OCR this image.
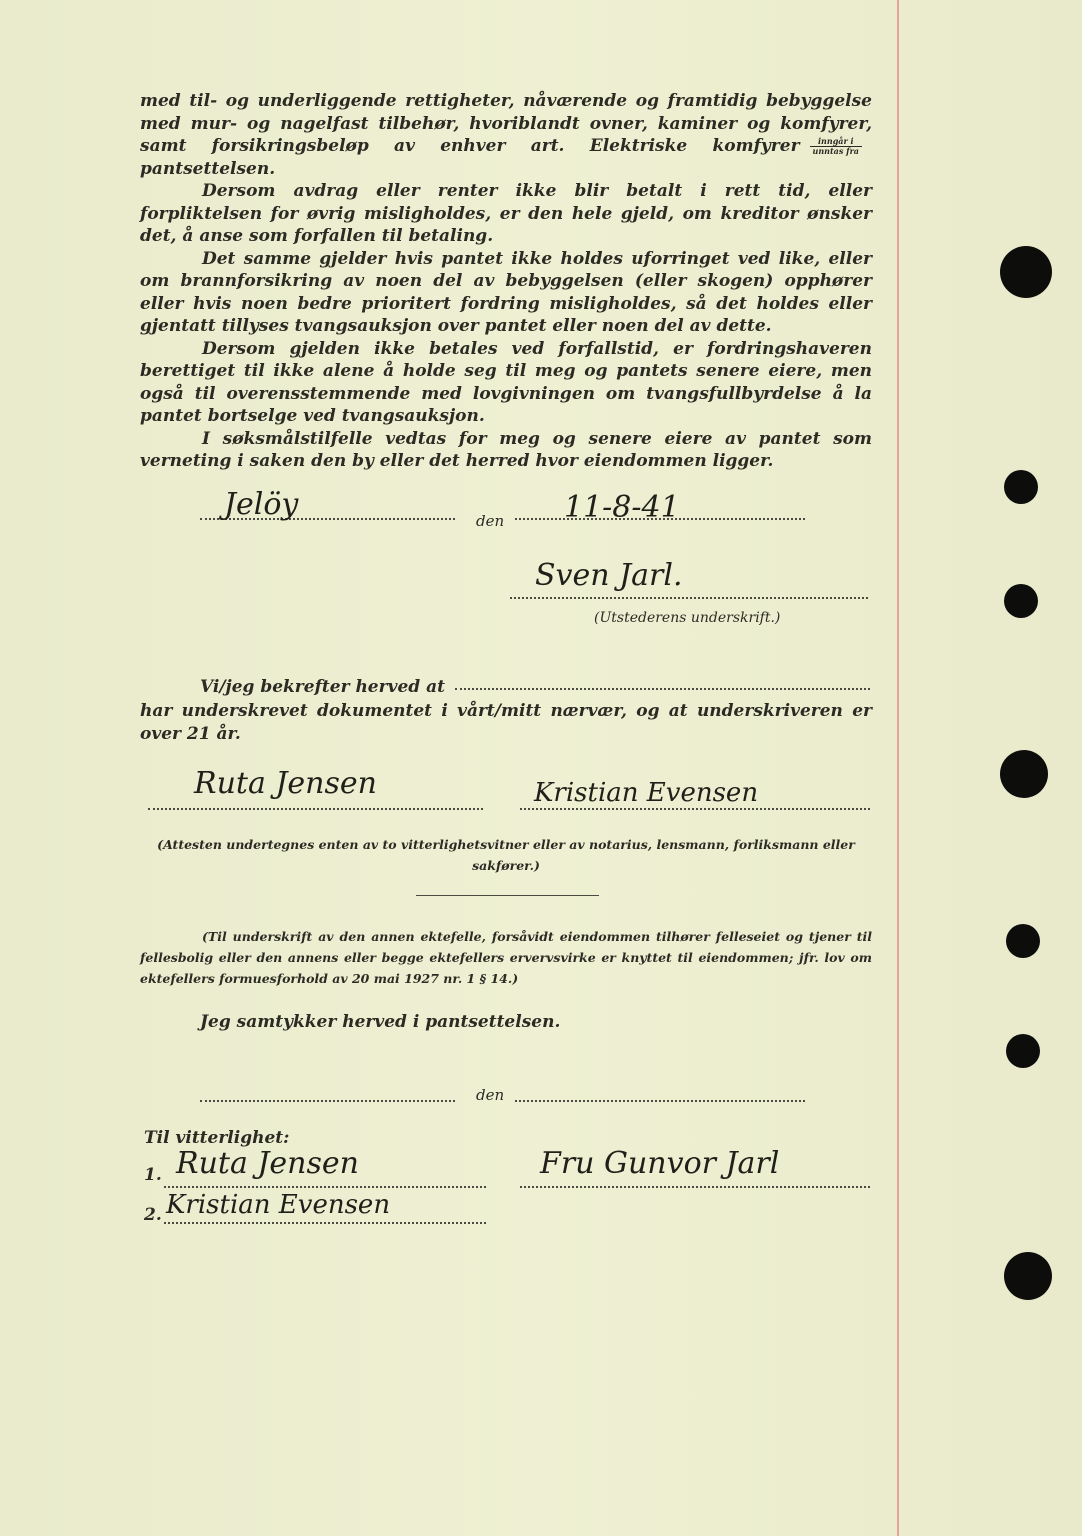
med til- og underliggende rettigheter, nåværende og framtidig bebyggelse med mur- og nagelfast tilbehør, hvoriblandt ovner, kaminer og komfyrer, samt forsikringsbeløp av enhver art. Elektriske komfyrer $\frac{\text{inngår i}}{\text{unntas fra}}$
pantsettelsen.

Dersom avdrag eller renter ikke blir betalt i rett tid, eller forpliktelsen for øvrig misligholdes, er den hele gjeld, om kreditor ønsker det, å anse som forfallen til betaling.

Det samme gjelder hvis pantet ikke holdes uforringet ved like, eller om brannforsikring av noen del av bebyggelsen (eller skogen) opphører eller hvis noen bedre prioritert fordring misligholdes, så det holdes eller gjentatt tillyses tvangsauksjon over pantet eller noen del av dette.

Dersom gjelden ikke betales ved forfallstid, er fordringshaveren berettiget til ikke alene å holde seg til meg og pantets senere eiere, men også til overensstemmende med lovgivningen om tvangsfullbyrdelse å la pantet bortselge ved tvangsauksjon.

I søksmålstilfelle vedtas for meg og senere eiere av pantet som verneting i saken den by eller det herred hvor eiendommen ligger.

Jelöy	den 11-8-41
Sven Jarl.
(Utstederens underskrift.)
Vi/jeg bekrefter herved at

har underskrevet dokumentet i vårt/mitt nærvær, og at underskriveren er over 21 år.

Ruta Jensen	Kristian Evensen

(Attesten undertegnes enten av to vitterlighetsvitner eller av notarius, lensmann, forliksmann eller sakfører.)

(Til underskrift av den annen ektefelle, forsåvidt eiendommen tilhører felleseiet og tjener til fellesbolig eller den annens eller begge ektefellers ervervsvirke er knyttet til eiendommen; jfr. lov om ektefellers formuesforhold av 20 mai 1927 nr. 1 § 14.)

Jeg samtykker herved i pantsettelsen.
den
Til vitterlighet:
1. Ruta Jensen
2. Kristian Evensen
Fru Gunvor Jarl
